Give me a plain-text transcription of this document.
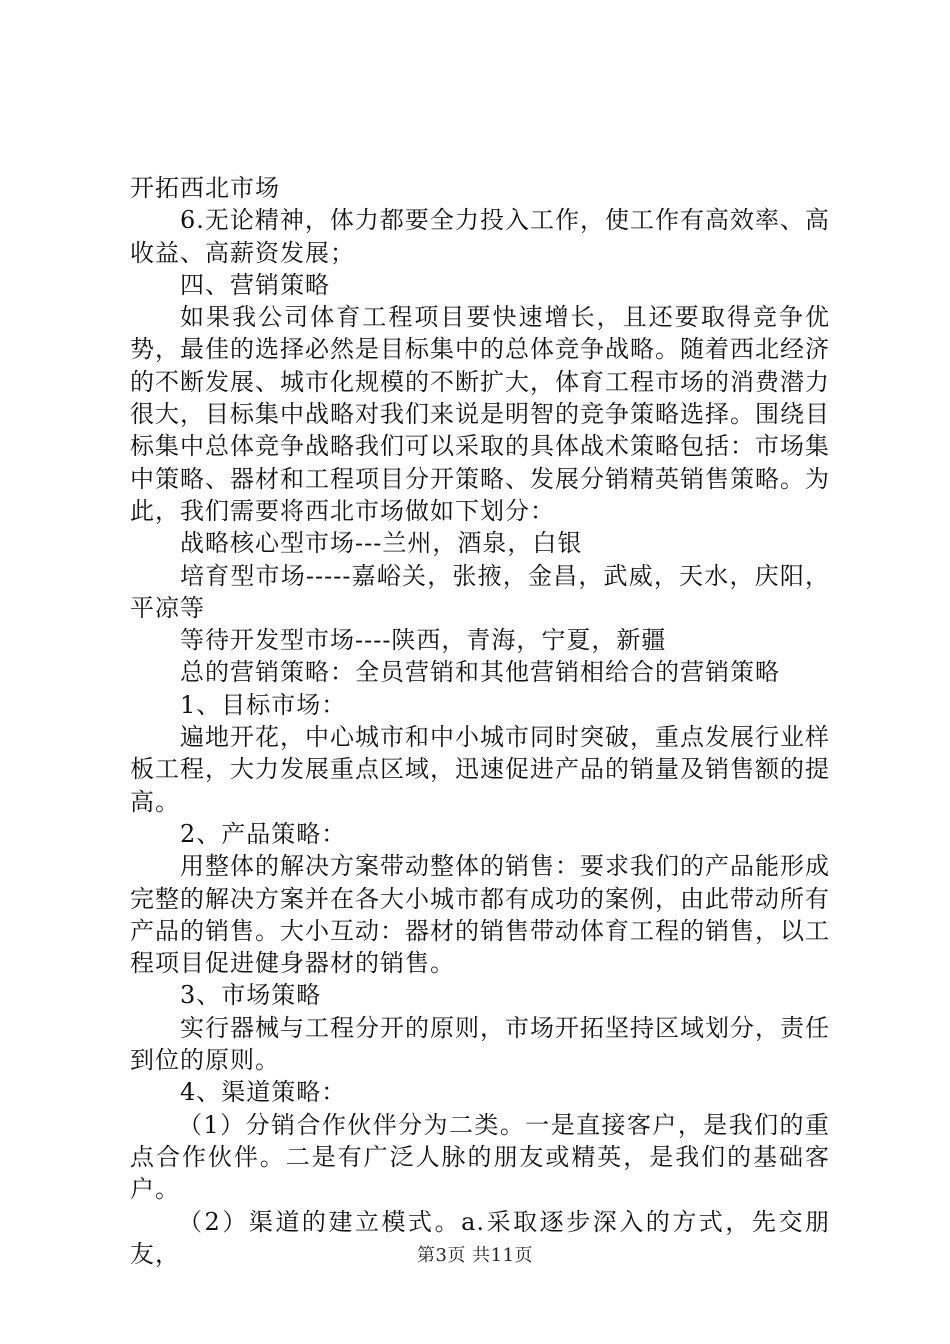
开拓西北市场

6.无论精神，体力都要全力投入工作，使工作有高效率、高收益、高薪资发展；

四、营销策略

如果我公司体育工程项目要快速增长，且还要取得竞争优势，最佳的选择必然是目标集中的总体竞争战略。随着西北经济的不断发展、城市化规模的不断扩大，体育工程市场的消费潜力很大，目标集中战略对我们来说是明智的竞争策略选择。围绕目标集中总体竞争战略我们可以采取的具体战术策略包括：市场集中策略、器材和工程项目分开策略、发展分销精英销售策略。为此，我们需要将西北市场做如下划分：

战略核心型市场---兰州，酒泉，白银

培育型市场-----嘉峪关，张掖，金昌，武威，天水，庆阳，平凉等

等待开发型市场----陕西，青海，宁夏，新疆

总的营销策略：全员营销和其他营销相给合的营销策略

1、目标市场：

遍地开花，中心城市和中小城市同时突破，重点发展行业样板工程，大力发展重点区域，迅速促进产品的销量及销售额的提高。

2、产品策略：

用整体的解决方案带动整体的销售：要求我们的产品能形成完整的解决方案并在各大小城市都有成功的案例，由此带动所有产品的销售。大小互动：器材的销售带动体育工程的销售，以工程项目促进健身器材的销售。

3、市场策略

实行器械与工程分开的原则，市场开拓坚持区域划分，责任到位的原则。

4、渠道策略：

（1）分销合作伙伴分为二类。一是直接客户，是我们的重点合作伙伴。二是有广泛人脉的朋友或精英，是我们的基础客户。

（2）渠道的建立模式。a.采取逐步深入的方式，先交朋友，	第3页 共11页
